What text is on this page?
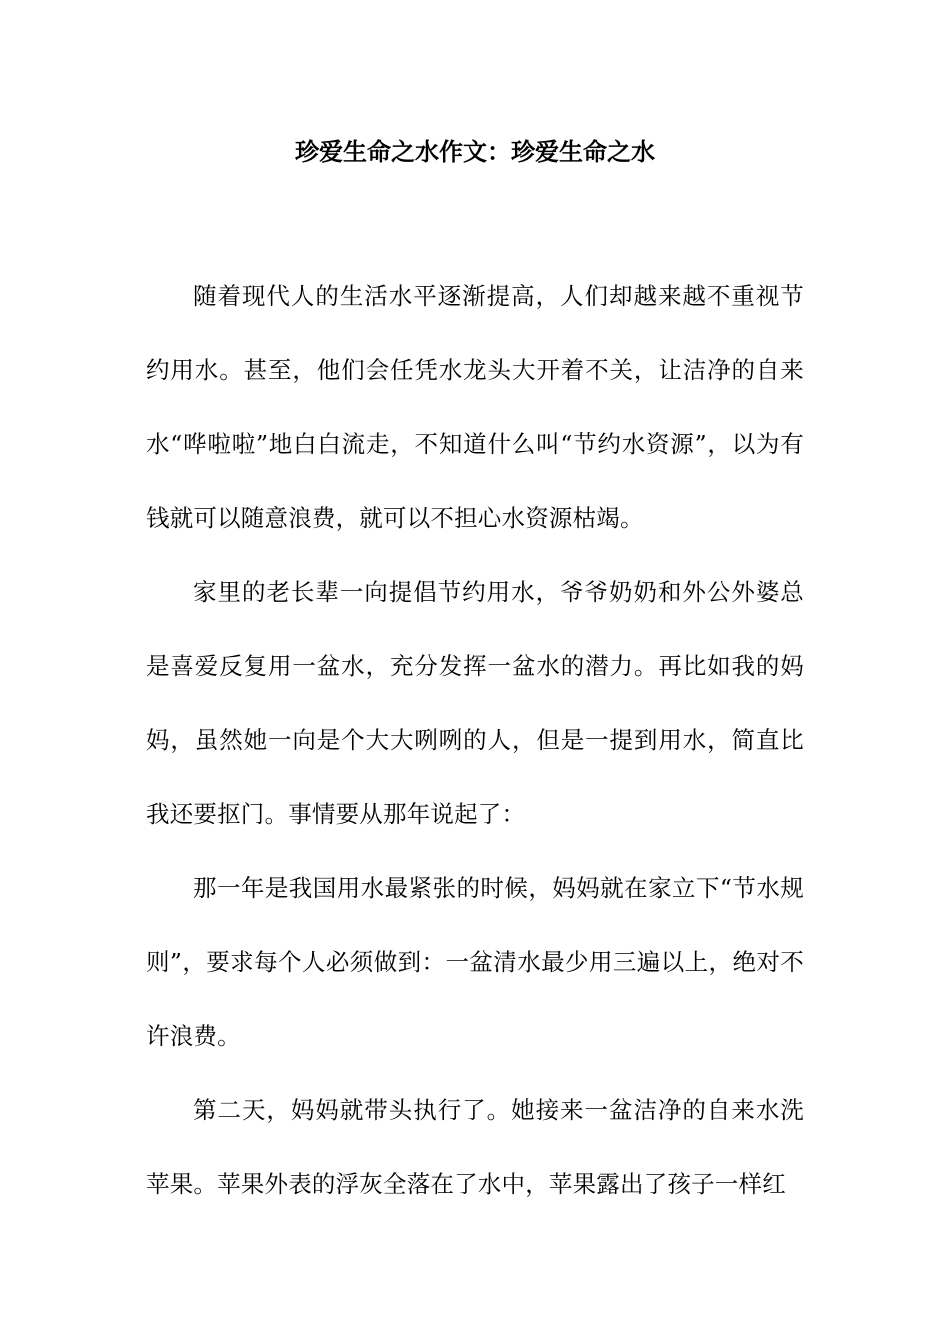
珍爱生命之水作文：珍爱生命之水

随着现代人的生活水平逐渐提高，人们却越来越不重视节约用水。甚至，他们会任凭水龙头大开着不关，让洁净的自来水“哗啦啦”地白白流走，不知道什么叫“节约水资源”，以为有钱就可以随意浪费，就可以不担心水资源枯竭。

家里的老长辈一向提倡节约用水，爷爷奶奶和外公外婆总是喜爱反复用一盆水，充分发挥一盆水的潜力。再比如我的妈妈，虽然她一向是个大大咧咧的人，但是一提到用水，简直比我还要抠门。事情要从那年说起了：

那一年是我国用水最紧张的时候，妈妈就在家立下“节水规则”，要求每个人必须做到：一盆清水最少用三遍以上，绝对不许浪费。

第二天，妈妈就带头执行了。她接来一盆洁净的自来水洗苹果。苹果外表的浮灰全落在了水中，苹果露出了孩子一样红
